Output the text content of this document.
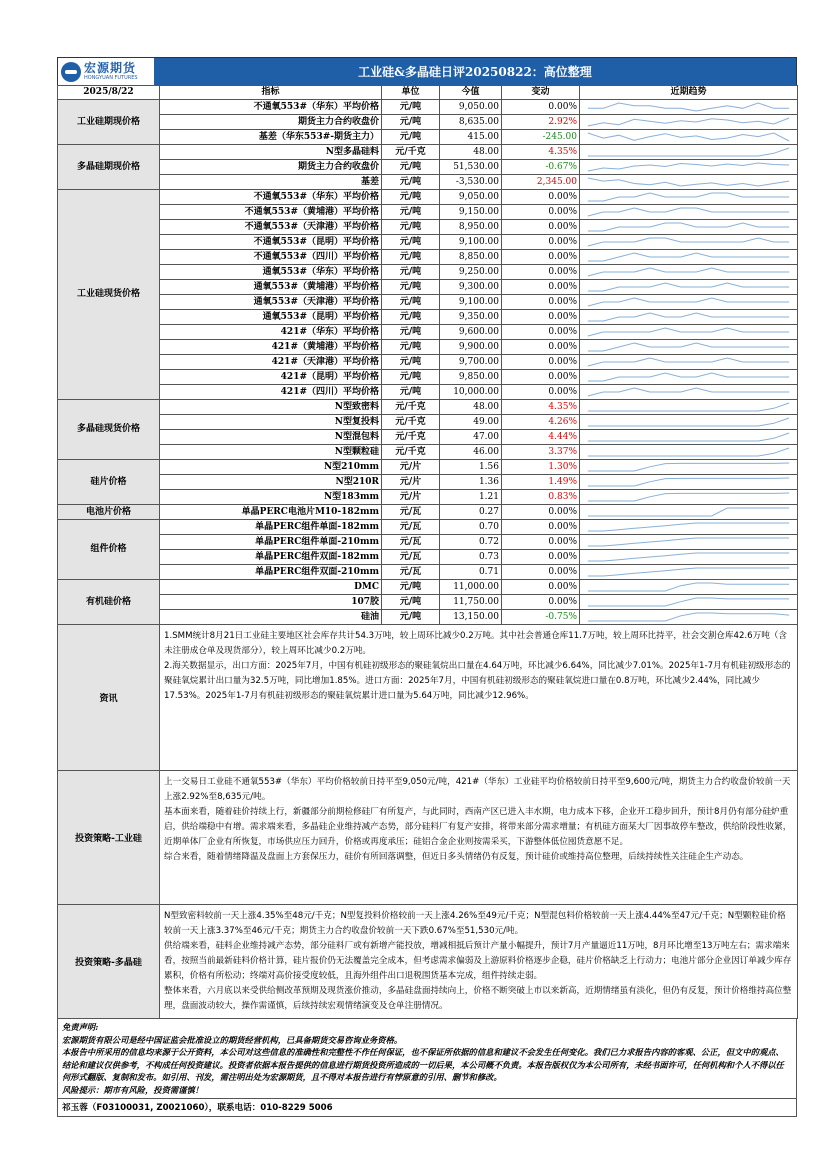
宏源期货
HONGYUAN FUTURES	工业硅&多晶硅日评20250822：高位整理
2025/8/22	指标	单位	今值	变动	近期趋势
工业硅期现价格	不通氧553#（华东）平均价格	元/吨	9,050.00	0.00%	

	期货主力合约收盘价	元/吨	8,635.00	2.92%	

	基差（华东553#-期货主力）	元/吨	415.00	-245.00	

多晶硅期现价格	N型多晶硅料	元/千克	48.00	4.35%	

	期货主力合约收盘价	元/吨	51,530.00	-0.67%	

	基差	元/吨	-3,530.00	2,345.00	

工业硅现货价格	不通氧553#（华东）平均价格	元/吨	9,050.00	0.00%	

	不通氧553#（黄埔港）平均价格	元/吨	9,150.00	0.00%	

	不通氧553#（天津港）平均价格	元/吨	8,950.00	0.00%	

	不通氧553#（昆明）平均价格	元/吨	9,100.00	0.00%	

	不通氧553#（四川）平均价格	元/吨	8,850.00	0.00%	

	通氧553#（华东）平均价格	元/吨	9,250.00	0.00%	

	通氧553#（黄埔港）平均价格	元/吨	9,300.00	0.00%	

	通氧553#（天津港）平均价格	元/吨	9,100.00	0.00%	

	通氧553#（昆明）平均价格	元/吨	9,350.00	0.00%	

	421#（华东）平均价格	元/吨	9,600.00	0.00%	

	421#（黄埔港）平均价格	元/吨	9,900.00	0.00%	

	421#（天津港）平均价格	元/吨	9,700.00	0.00%	

	421#（昆明）平均价格	元/吨	9,850.00	0.00%	

	421#（四川）平均价格	元/吨	10,000.00	0.00%	

多晶硅现货价格	N型致密料	元/千克	48.00	4.35%	

	N型复投料	元/千克	49.00	4.26%	

	N型混包料	元/千克	47.00	4.44%	

	N型颗粒硅	元/千克	46.00	3.37%	

硅片价格	N型210mm	元/片	1.56	1.30%	

	N型210R	元/片	1.36	1.49%	

	N型183mm	元/片	1.21	0.83%	

电池片价格	单晶PERC电池片M10-182mm	元/瓦	0.27	0.00%	

组件价格	单晶PERC组件单面-182mm	元/瓦	0.70	0.00%	

	单晶PERC组件单面-210mm	元/瓦	0.72	0.00%	

	单晶PERC组件双面-182mm	元/瓦	0.73	0.00%	

	单晶PERC组件双面-210mm	元/瓦	0.71	0.00%	

有机硅价格	DMC	元/吨	11,000.00	0.00%	

	107胶	元/吨	11,750.00	0.00%	

	硅油	元/吨	13,150.00	-0.75%	
资讯	1.SMM统计8月21日工业硅主要地区社会库存共计54.3万吨，较上周环比减少0.2万吨。其中社会普通仓库11.7万吨，较上周环比持平，社会交割仓库42.6万吨（含未注册成仓单及现货部分），较上周环比减少0.2万吨。
2.海关数据显示，出口方面：2025年7月，中国有机硅初级形态的聚硅氧烷出口量在4.64万吨，环比减少6.64%，同比减少7.01%。2025年1-7月有机硅初级形态的聚硅氧烷累计出口量为32.5万吨，同比增加1.85%。进口方面：2025年7月，中国有机硅初级形态的聚硅氧烷进口量在0.8万吨，环比减少2.44%，同比减少17.53%。2025年1-7月有机硅初级形态的聚硅氧烷累计进口量为5.64万吨，同比减少12.96%。

投资策略-工业硅	上一交易日工业硅不通氧553#（华东）平均价格较前日持平至9,050元/吨，421#（华东）工业硅平均价格较前日持平至9,600元/吨，期货主力合约收盘价较前一天上涨2.92%至8,635元/吨。
基本面来看，随着硅价持续上行，新疆部分前期检修硅厂有所复产，与此同时，西南产区已进入丰水期，电力成本下移，企业开工稳步回升，预计8月仍有部分硅炉重启，供给端稳中有增。需求端来看，多晶硅企业维持减产态势，部分硅料厂有复产安排，将带来部分需求增量；有机硅方面某大厂因事故停车整改，供给阶段性收紧，近期单体厂企业有所恢复，市场供应压力回升，价格或再度承压；硅铝合金企业则按需采买，下游整体低位囤货意愿不足。
综合来看，随着情绪降温及盘面上方套保压力，硅价有所回落调整，但近日多头情绪仍有反复，预计硅价或维持高位整理，后续持续性关注硅企生产动态。

投资策略-多晶硅	N型致密料较前一天上涨4.35%至48元/千克；N型复投料价格较前一天上涨4.26%至49元/千克；N型混包料价格较前一天上涨4.44%至47元/千克；N型颗粒硅价格较前一天上涨3.37%至46元/千克；期货主力合约收盘价较前一天下跌0.67%至51,530元/吨。
供给端来看，硅料企业维持减产态势，部分硅料厂或有新增产能投放，增减相抵后预计产量小幅提升，预计7月产量逼近11万吨，8月环比增至13万吨左右；需求端来看，按照当前最新硅料价格计算，硅片报价仍无法覆盖完全成本，但考虑需求偏弱及上游原料价格逐步企稳，硅片价格缺乏上行动力；电池片部分企业因订单减少库存累积，价格有所松动；终端对高价接受度较低，且海外组件出口退税围货基本完成，组件持续走弱。
整体来看，六月底以来受供给侧改革预期及现货涨价推动，多晶硅盘面持续向上，价格不断突破上市以来新高，近期情绪虽有淡化，但仍有反复，预计价格维持高位整理，盘面波动较大，操作需谨慎，后续持续宏观情绪演变及仓单注册情况。
免责声明:
宏源期货有限公司是经中国证监会批准设立的期货经营机构，已具备期货交易咨询业务资格。
本报告中所采用的信息均来源于公开资料，本公司对这些信息的准确性和完整性不作任何保证，也不保证所依据的信息和建议不会发生任何变化。我们已力求报告内容的客观、公正，但文中的观点、结论和建议仅供参考，不构成任何投资建议。投资者依据本报告提供的信息进行期货投资所造成的一切后果，本公司概不负责。本报告版权仅为本公司所有，未经书面许可，任何机构和个人不得以任何形式翻版、复制和发布。如引用、刊发，需注明出处为宏源期货，且不得对本报告进行有悖原意的引用、删节和修改。
风险提示：期市有风险，投资需谨慎！
祁玉蓉（F03100031, Z0021060），联系电话：010-8229 5006
